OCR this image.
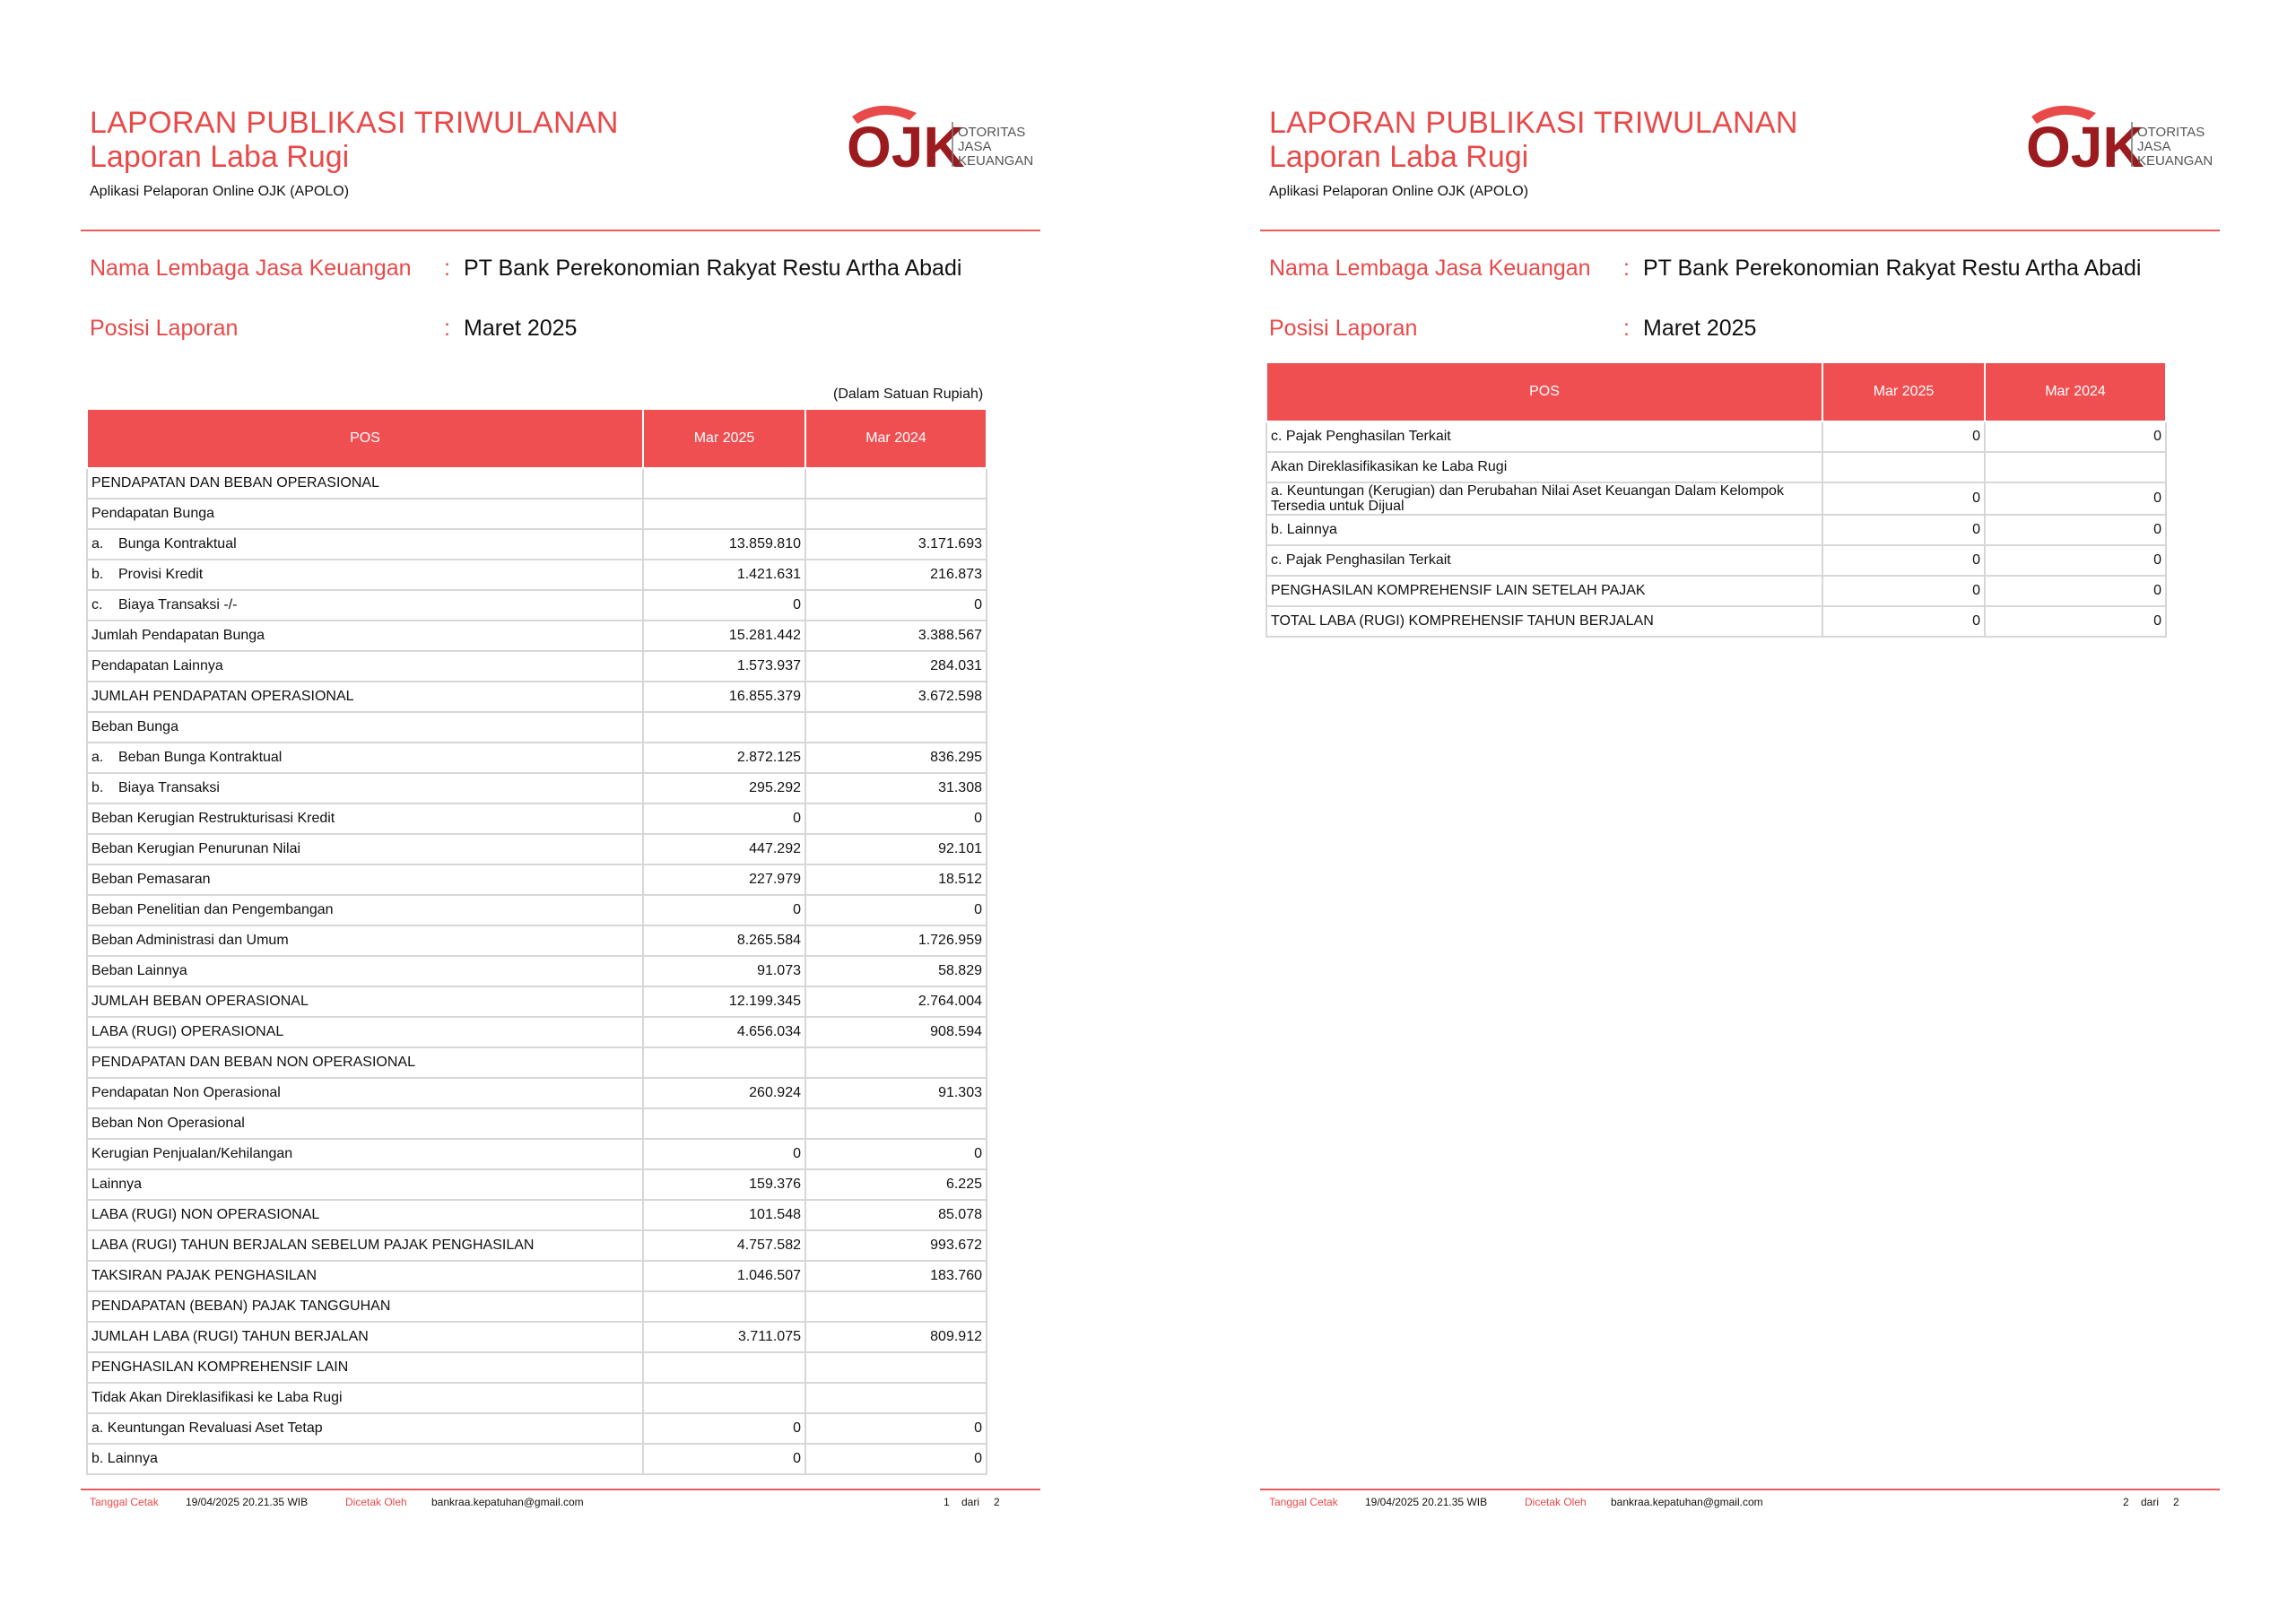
LAPORAN PUBLIKASI TRIWULANAN
Laporan Laba Rugi
Aplikasi Pelaporan Online OJK (APOLO)
OJK
OTORITAS
JASA
KEUANGAN
Nama Lembaga Jasa Keuangan : PT Bank Perekonomian Rakyat Restu Artha Abadi
Posisi Laporan	: Maret 2025
(Dalam Satuan Rupiah)
POS	Mar 2025	Mar 2024
PENDAPATAN DAN BEBAN OPERASIONAL		
Pendapatan Bunga		
a. Bunga Kontraktual	13.859.810	3.171.693
b. Provisi Kredit	1.421.631	216.873
c. Biaya Transaksi -/-	0	0
Jumlah Pendapatan Bunga	15.281.442	3.388.567
Pendapatan Lainnya	1.573.937	284.031
JUMLAH PENDAPATAN OPERASIONAL	16.855.379	3.672.598
Beban Bunga		
a. Beban Bunga Kontraktual	2.872.125	836.295
b. Biaya Transaksi	295.292	31.308
Beban Kerugian Restrukturisasi Kredit	0	0
Beban Kerugian Penurunan Nilai	447.292	92.101
Beban Pemasaran	227.979	18.512
Beban Penelitian dan Pengembangan	0	0
Beban Administrasi dan Umum	8.265.584	1.726.959
Beban Lainnya	91.073	58.829
JUMLAH BEBAN OPERASIONAL	12.199.345	2.764.004
LABA (RUGI) OPERASIONAL	4.656.034	908.594
PENDAPATAN DAN BEBAN NON OPERASIONAL		
Pendapatan Non Operasional	260.924	91.303
Beban Non Operasional		
Kerugian Penjualan/Kehilangan	0	0
Lainnya	159.376	6.225
LABA (RUGI) NON OPERASIONAL	101.548	85.078
LABA (RUGI) TAHUN BERJALAN SEBELUM PAJAK PENGHASILAN	4.757.582	993.672
TAKSIRAN PAJAK PENGHASILAN	1.046.507	183.760
PENDAPATAN (BEBAN) PAJAK TANGGUHAN		
JUMLAH LABA (RUGI) TAHUN BERJALAN	3.711.075	809.912
PENGHASILAN KOMPREHENSIF LAIN		
Tidak Akan Direklasifikasi ke Laba Rugi		
a. Keuntungan Revaluasi Aset Tetap	0	0
b. Lainnya	0	0
Tanggal Cetak	19/04/2025 20.21.35 WIB	Dicetak Oleh bankraa.kepatuhan@gmail.com	1 dari 2
LAPORAN PUBLIKASI TRIWULANAN
Laporan Laba Rugi
Aplikasi Pelaporan Online OJK (APOLO)
OJK
OTORITAS
JASA
KEUANGAN
Nama Lembaga Jasa Keuangan : PT Bank Perekonomian Rakyat Restu Artha Abadi
Posisi Laporan	: Maret 2025
POS	Mar 2025	Mar 2024
c. Pajak Penghasilan Terkait	0	0
Akan Direklasifikasikan ke Laba Rugi		
a. Keuntungan (Kerugian) dan Perubahan Nilai Aset Keuangan Dalam Kelompok Tersedia untuk Dijual	0	0
b. Lainnya	0	0
c. Pajak Penghasilan Terkait	0	0
PENGHASILAN KOMPREHENSIF LAIN SETELAH PAJAK	0	0
TOTAL LABA (RUGI) KOMPREHENSIF TAHUN BERJALAN	0	0
Tanggal Cetak	19/04/2025 20.21.35 WIB	Dicetak Oleh bankraa.kepatuhan@gmail.com	2 dari 2
